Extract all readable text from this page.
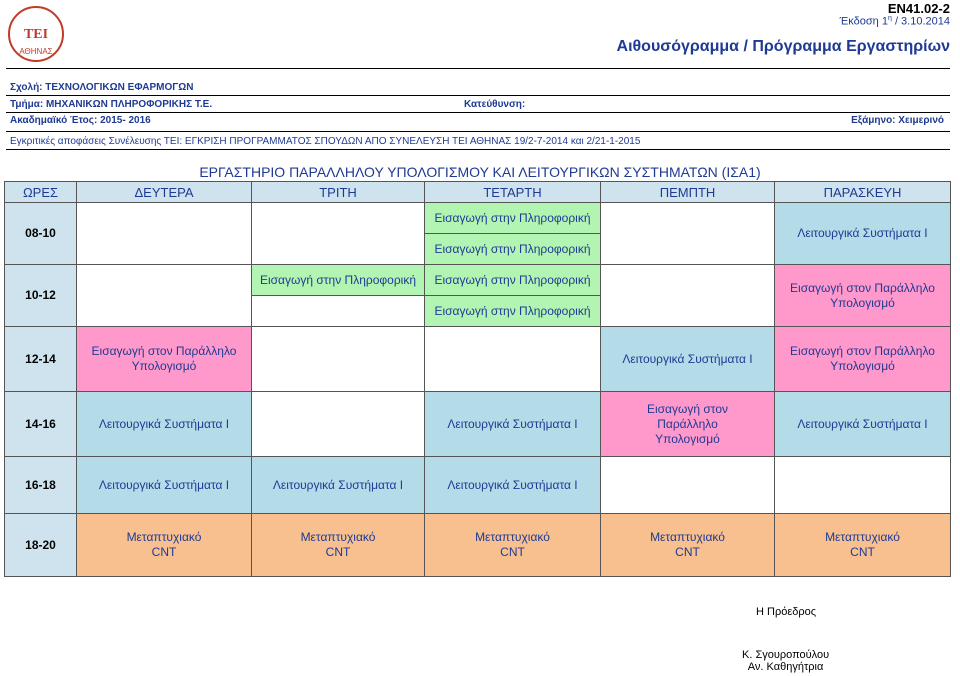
TEI
ΑΘΗΝΑΣ
ΕΝ41.02-2
Έκδοση $1^\eta / 3.10.2014$
Αιθουσόγραμμα / Πρόγραμμα Εργαστηρίων
Σχολή: ΤΕΧΝΟΛΟΓΙΚΩΝ ΕΦΑΡΜΟΓΩΝ
Τμήμα: ΜΗΧΑΝΙΚΩΝ ΠΛΗΡΟΦΟΡΙΚΗΣ Τ.Ε.	Κατεύθυνση:
Ακαδημαϊκό Έτος: 2015- 2016	Εξάμηνο: Χειμερινό
Εγκριτικές αποφάσεις Συνέλευσης ΤΕΙ: ΕΓΚΡΙΣΗ ΠΡΟΓΡΑΜΜΑΤΟΣ ΣΠΟΥΔΩΝ ΑΠΟ ΣΥΝΕΛΕΥΣΗ ΤΕΙ ΑΘΗΝΑΣ 19/2-7-2014 και 2/21-1-2015
ΕΡΓΑΣΤΗΡΙΟ ΠΑΡΑΛΛΗΛΟΥ ΥΠΟΛΟΓΙΣΜΟΥ ΚΑΙ ΛΕΙΤΟΥΡΓΙΚΩΝ ΣΥΣΤΗΜΑΤΩΝ (ΙΣΑ1)
ΩΡΕΣ	ΔΕΥΤΕΡΑ	ΤΡΙΤΗ	ΤΕΤΑΡΤΗ	ΠΕΜΠΤΗ	ΠΑΡΑΣΚΕΥΗ
08-10			Εισαγωγή στην Πληροφορική		Λειτουργικά Συστήματα Ι
			Εισαγωγή στην Πληροφορική		
10-12		Εισαγωγή στην Πληροφορική	Εισαγωγή στην Πληροφορική		Εισαγωγή στον Παράλληλο Υπολογισμό
			Εισαγωγή στην Πληροφορική		
12-14	Εισαγωγή στον Παράλληλο Υπολογισμό			Λειτουργικά Συστήματα Ι	Εισαγωγή στον Παράλληλο Υπολογισμό
14-16	Λειτουργικά Συστήματα Ι		Λειτουργικά Συστήματα Ι	Εισαγωγή στον Παράλληλο Υπολογισμό	Λειτουργικά Συστήματα Ι
16-18	Λειτουργικά Συστήματα Ι	Λειτουργικά Συστήματα Ι	Λειτουργικά Συστήματα Ι		
18-20	Μεταπτυχιακό CNT	Μεταπτυχιακό CNT	Μεταπτυχιακό CNT	Μεταπτυχιακό CNT	Μεταπτυχιακό CNT
Η Πρόεδρος
Κ. Σγουροπούλου
Αν. Καθηγήτρια
